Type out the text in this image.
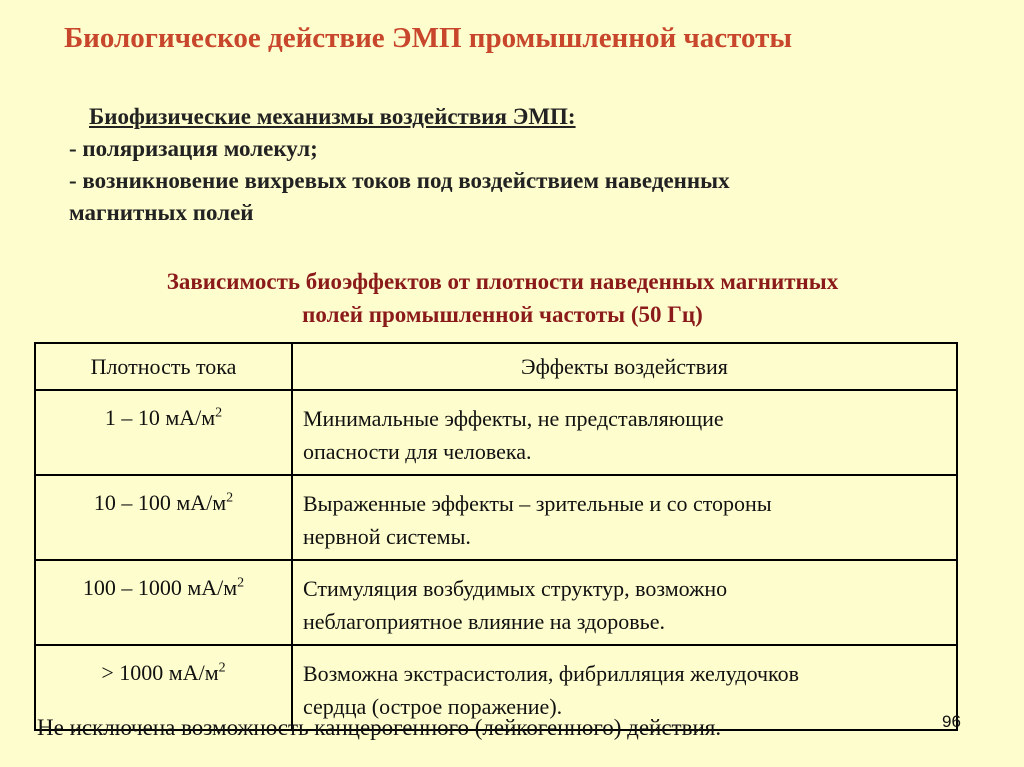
Биологическое действие ЭМП промышленной частоты
Биофизические механизмы воздействия ЭМП:
- поляризация молекул;
- возникновение вихревых токов под воздействием наведенных
магнитных полей
Зависимость биоэффектов от плотности наведенных магнитных
полей промышленной частоты (50 Гц)
Плотность тока	Эффекты воздействия
1 – 10 $мА/м^2$	Минимальные эффекты, не представляющие
опасности для человека.

10 – 100 $мА/м^2$	Выраженные эффекты – зрительные и со стороны
нервной системы.

100 – 1000 $мА/м^2$	Стимуляция возбудимых структур, возможно
неблагоприятное влияние на здоровье.

> 1000 $мА/м^2$	Возможна экстрасистолия, фибрилляция желудочков
сердца (острое поражение).
Не исключена возможность канцерогенного (лейкогенного) действия.	96
